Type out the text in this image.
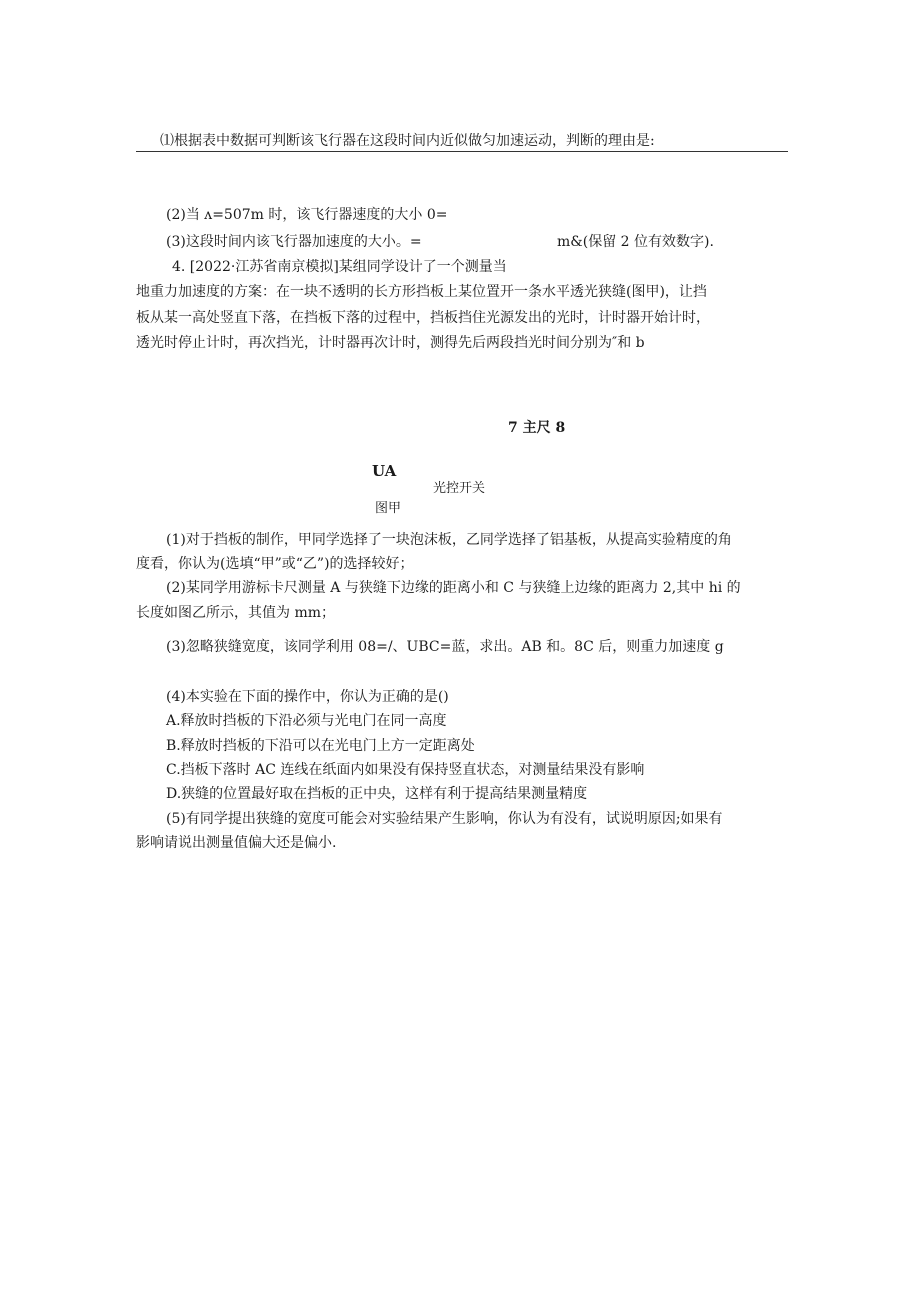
⑴根据表中数据可判断该飞行器在这段时间内近似做匀加速运动，判断的理由是:
(2)当 ʌ=507m 时，该飞行器速度的大小 0=
(3)这段时间内该飞行器加速度的大小。=	m&(保留 2 位有效数字).
4. [2022·江苏省南京模拟]某组同学设计了一个测量当
地重力加速度的方案：在一块不透明的长方形挡板上某位置开一条水平透光狭缝(图甲)，让挡
板从某一高处竖直下落，在挡板下落的过程中，挡板挡住光源发出的光时，计时器开始计时，
透光时停止计时，再次挡光，计时器再次计时，测得先后两段挡光时间分别为″和 b
7 主尺 8
UA
光控开关
图甲
(1)对于挡板的制作，甲同学选择了一块泡沫板，乙同学选择了铝基板，从提高实验精度的角
度看，你认为(选填“甲”或“乙”)的选择较好；
(2)某同学用游标卡尺测量 A 与狭缝下边缘的距离小和 C 与狭缝上边缘的距离力 2,其中 hi 的
长度如图乙所示，其值为 mm；
(3)忽略狭缝宽度，该同学利用 08=/、UBC=蓝，求出。AB 和。8C 后，则重力加速度 g
(4)本实验在下面的操作中，你认为正确的是()
A.释放时挡板的下沿必须与光电门在同一高度
B.释放时挡板的下沿可以在光电门上方一定距离处
C.挡板下落时 AC 连线在纸面内如果没有保持竖直状态，对测量结果没有影响
D.狭缝的位置最好取在挡板的正中央，这样有利于提高结果测量精度
(5)有同学提出狭缝的宽度可能会对实验结果产生影响，你认为有没有，试说明原因;如果有
影响请说出测量值偏大还是偏小.
